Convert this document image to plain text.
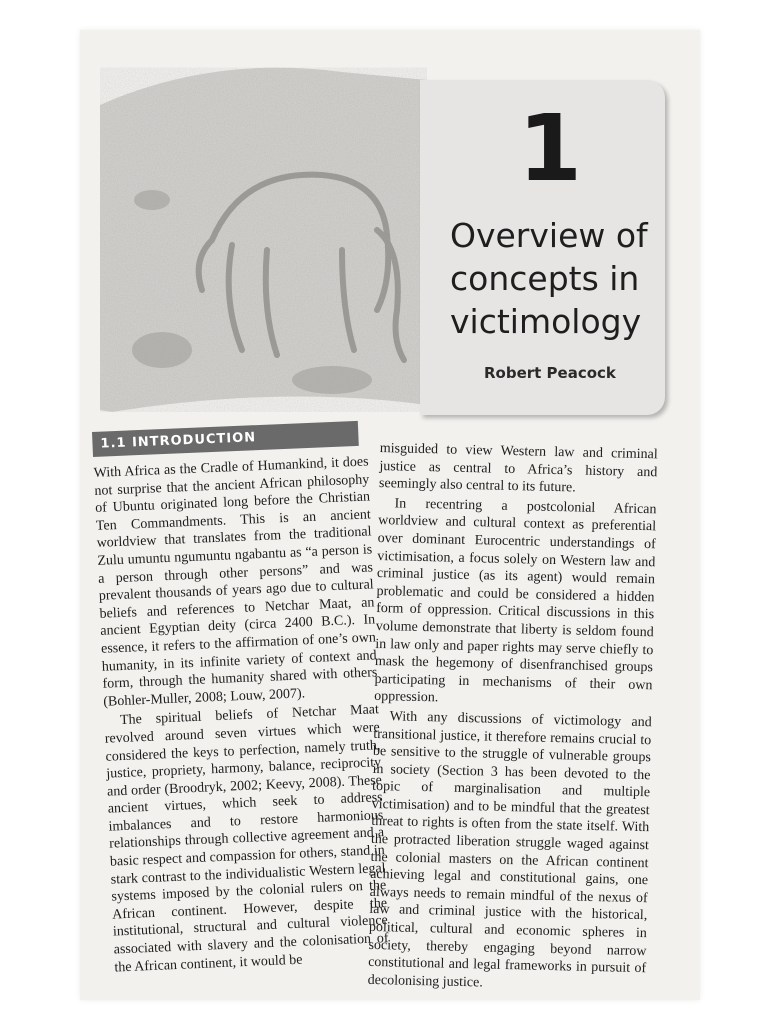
1
Overview of
concepts in
victimology
Robert Peacock
1.1 INTRODUCTION

With Africa as the Cradle of Humankind, it does not surprise that the ancient African philosophy of Ubuntu originated long before the Christian Ten Commandments. This is an ancient worldview that translates from the traditional Zulu umuntu ngumuntu ngabantu as “a person is a person through other persons” and was prevalent thousands of years ago due to cultural beliefs and references to Netchar Maat, an ancient Egyptian deity (circa 2400 B.C.). In essence, it refers to the affirmation of one’s own humanity, in its infinite variety of context and form, through the humanity shared with others (Bohler-Muller, 2008; Louw, 2007).

The spiritual beliefs of Netchar Maat revolved around seven virtues which were considered the keys to perfection, namely truth, justice, propriety, harmony, balance, reciprocity and order (Broodryk, 2002; Keevy, 2008). These ancient virtues, which seek to address imbalances and to restore harmonious relationships through collective agreement and a basic respect and compassion for others, stand in stark contrast to the individualistic Western legal systems imposed by the colonial rulers on the African continent. However, despite the institutional, structural and cultural violence associated with slavery and the colonisation of the African continent, it would be

misguided to view Western law and criminal justice as central to Africa’s history and seemingly also central to its future.

In recentring a postcolonial African worldview and cultural context as preferential over dominant Eurocentric understandings of victimisation, a focus solely on Western law and criminal justice (as its agent) would remain problematic and could be considered a hidden form of oppression. Critical discussions in this volume demonstrate that liberty is seldom found in law only and paper rights may serve chiefly to mask the hegemony of disenfranchised groups participating in mechanisms of their own oppression.

With any discussions of victimology and transitional justice, it therefore remains crucial to be sensitive to the struggle of vulnerable groups in society (Section 3 has been devoted to the topic of marginalisation and multiple victimisation) and to be mindful that the greatest threat to rights is often from the state itself. With the protracted liberation struggle waged against the colonial masters on the African continent achieving legal and constitutional gains, one always needs to remain mindful of the nexus of law and criminal justice with the historical, political, cultural and economic spheres in society, thereby engaging beyond narrow constitutional and legal frameworks in pursuit of decolonising justice.
